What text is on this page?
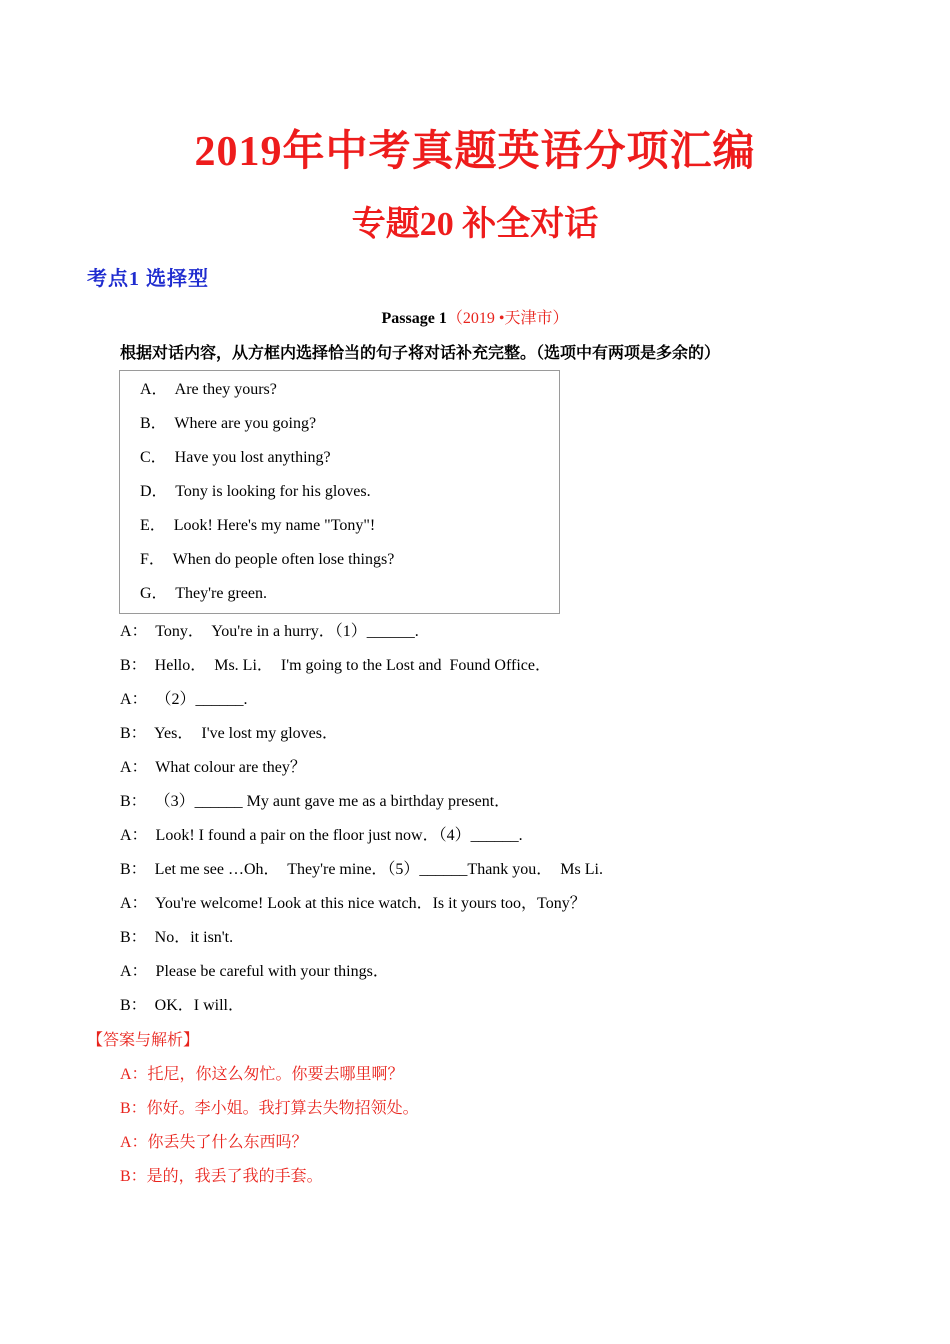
2019年中考真题英语分项汇编
专题20 补全对话
考点1 选择型
Passage 1（2019 •天津市）
根据对话内容，从方框内选择恰当的句子将对话补充完整。（选项中有两项是多余的）
A．  Are they yours?
B．  Where are you going?
C．  Have you lost anything?
D．  Tony is looking for his gloves.
E．  Look! Here's my name "Tony"!
F．  When do people often lose things?
G．  They're green.
A：  Tony．  You're in a hurry．（1）______.
B：  Hello．  Ms. Li．  I'm going to the Lost and  Found Office．
A：  （2）______.
B：  Yes．  I've lost my gloves．
A：  What colour are they？
B：  （3）______ My aunt gave me as a birthday present．
A：  Look! I found a pair on the floor just now．（4）______.
B：  Let me see …Oh．  They're mine．（5）______Thank you．  Ms Li.
A：  You're welcome! Look at this nice watch．Is it yours too，Tony？
B：  No．it isn't.
A：  Please be careful with your things．
B：  OK．I will．
【答案与解析】
A：托尼，你这么匆忙。你要去哪里啊？
B：你好。李小姐。我打算去失物招领处。
A：你丢失了什么东西吗？
B：是的，我丢了我的手套。
